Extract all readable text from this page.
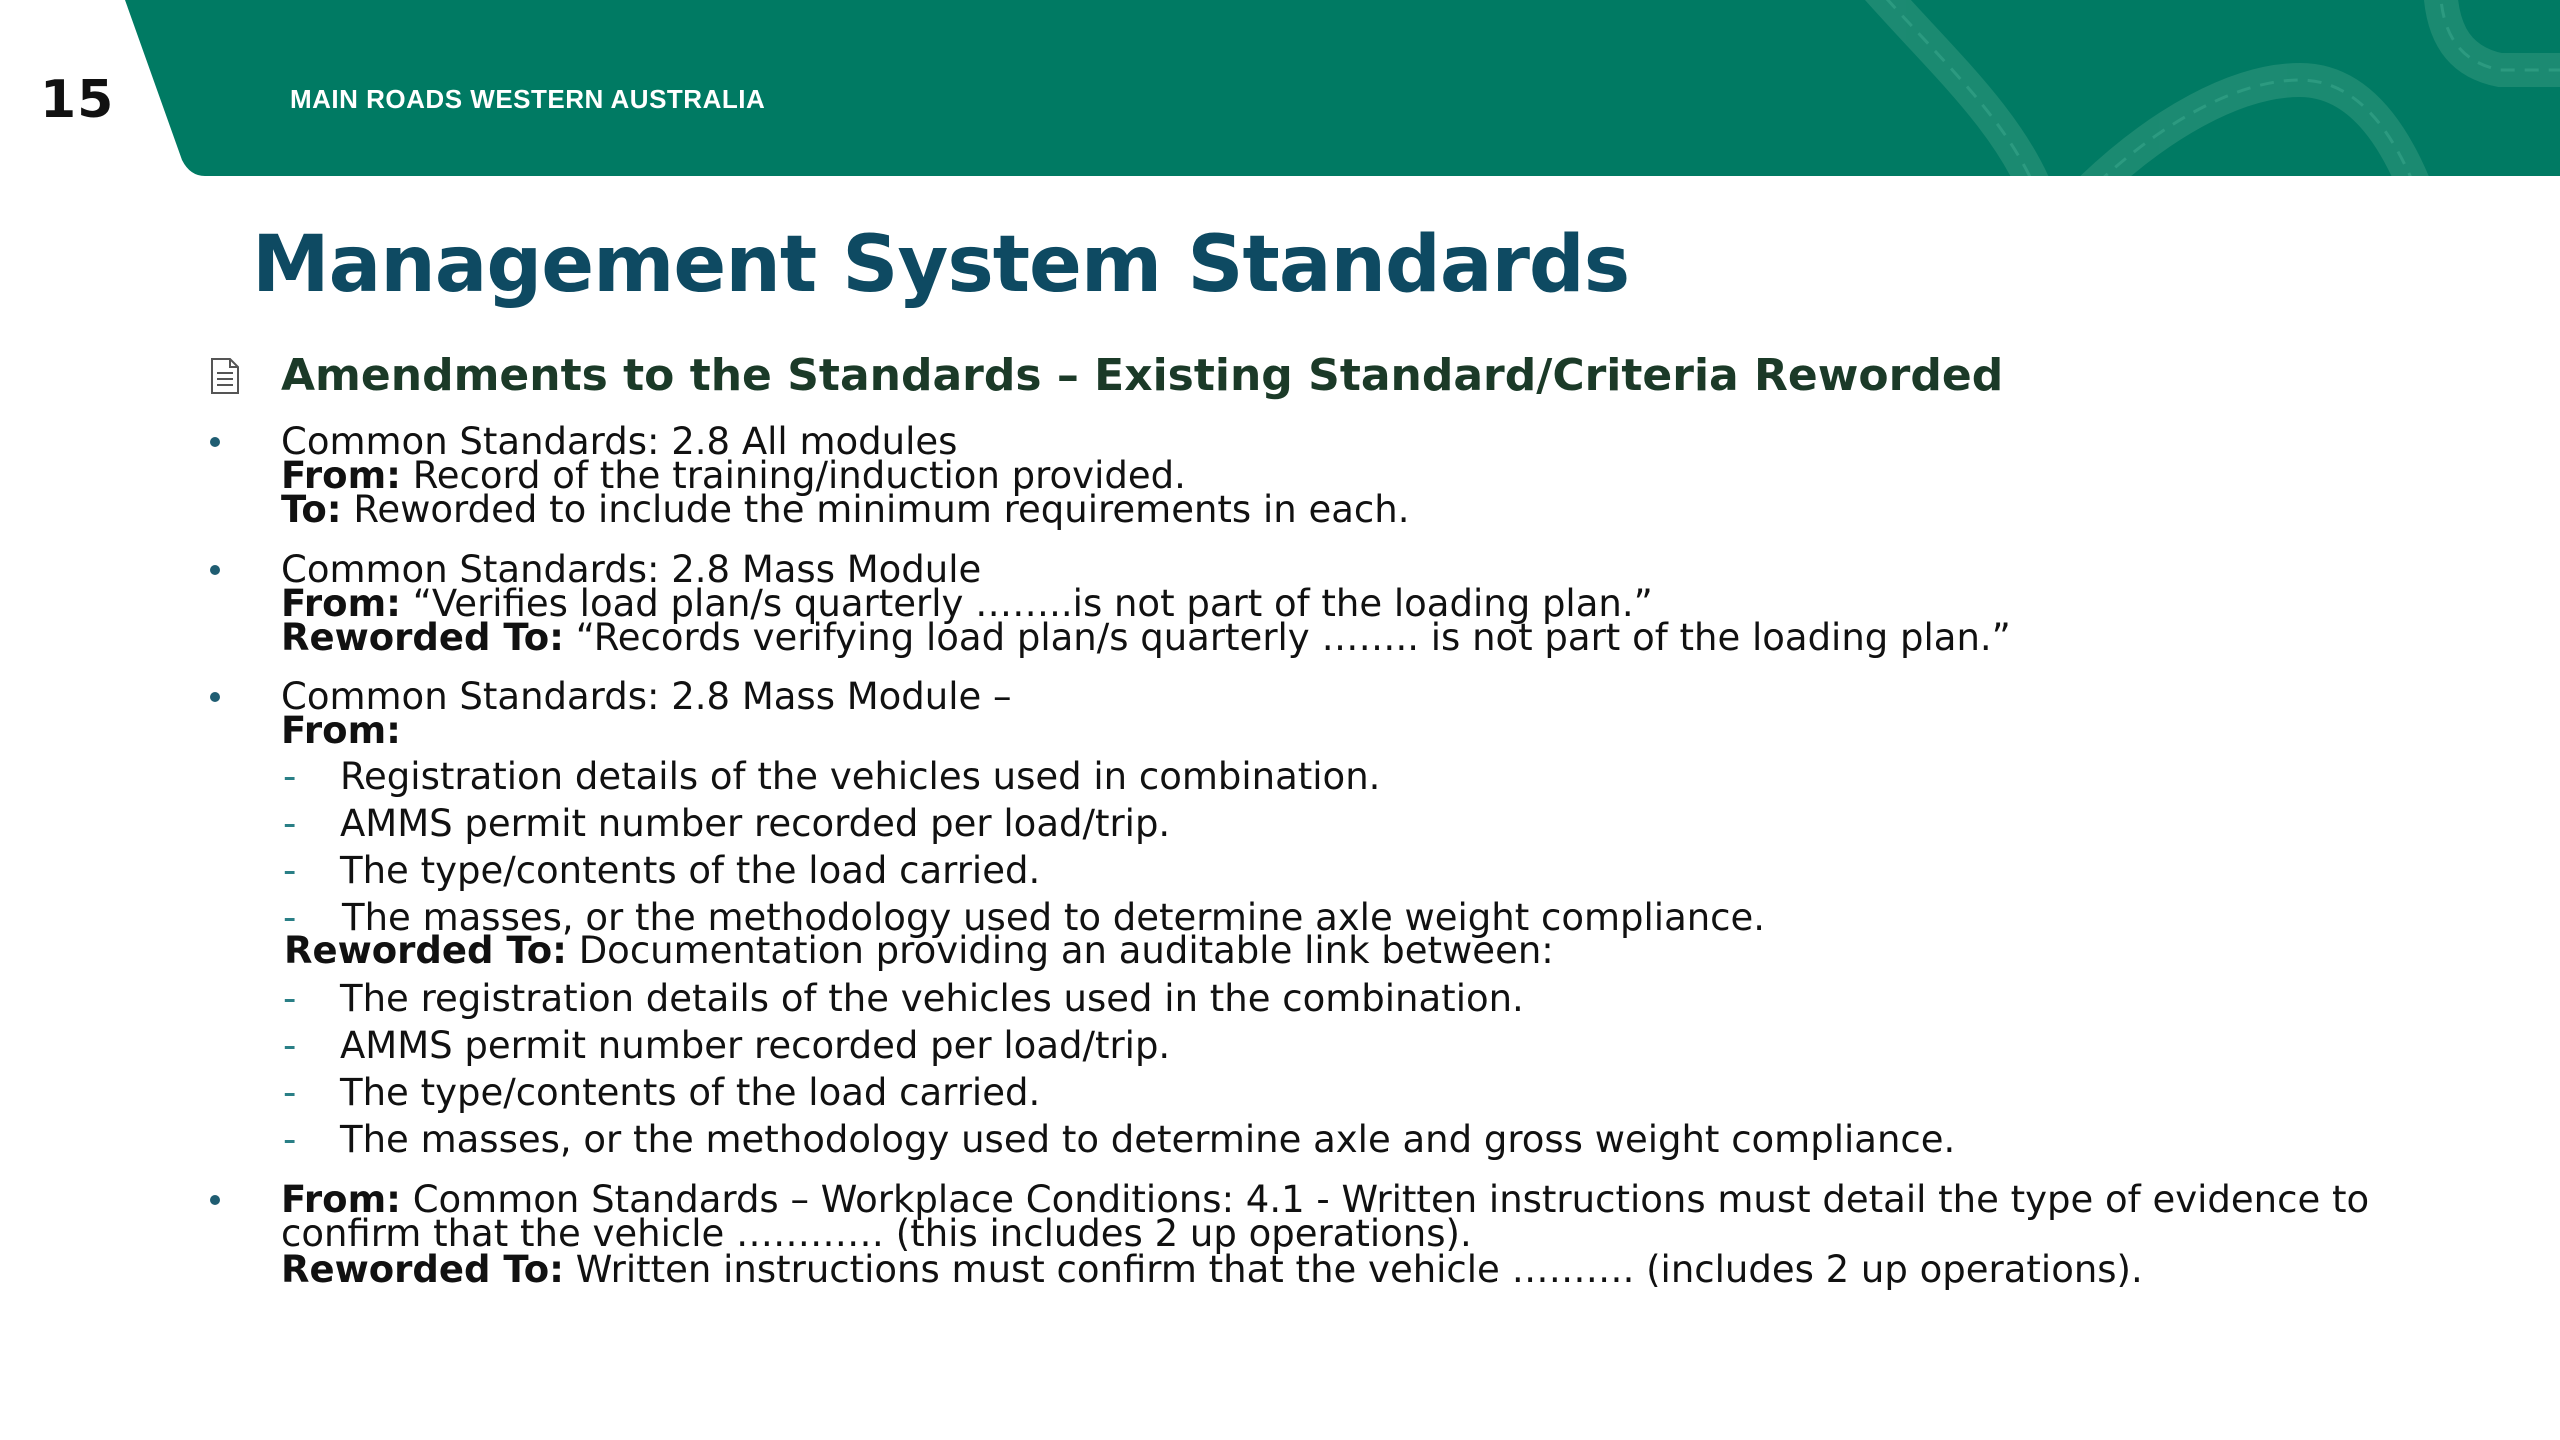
15	MAIN ROADS WESTERN AUSTRALIA
Management System Standards
Amendments to the Standards – Existing Standard/Criteria Reworded
Common Standards: 2.8 All modules
From: Record of the training/induction provided.
To: Reworded to include the minimum requirements in each.
Common Standards: 2.8 Mass Module
From: “Verifies load plan/s quarterly ……..is not part of the loading plan.”
Reworded To: “Records verifying load plan/s quarterly …….. is not part of the loading plan.”
Common Standards: 2.8 Mass Module –
From:
- Registration details of the vehicles used in combination.
- AMMS permit number recorded per load/trip.
- The type/contents of the load carried.
- The masses, or the methodology used to determine axle weight compliance.
Reworded To: Documentation providing an auditable link between:
- The registration details of the vehicles used in the combination.
- AMMS permit number recorded per load/trip.
- The type/contents of the load carried.
- The masses, or the methodology used to determine axle and gross weight compliance.
From: Common Standards – Workplace Conditions: 4.1 - Written instructions must detail the type of evidence to
confirm that the vehicle ………… (this includes 2 up operations).
Reworded To: Written instructions must confirm that the vehicle ………. (includes 2 up operations).
